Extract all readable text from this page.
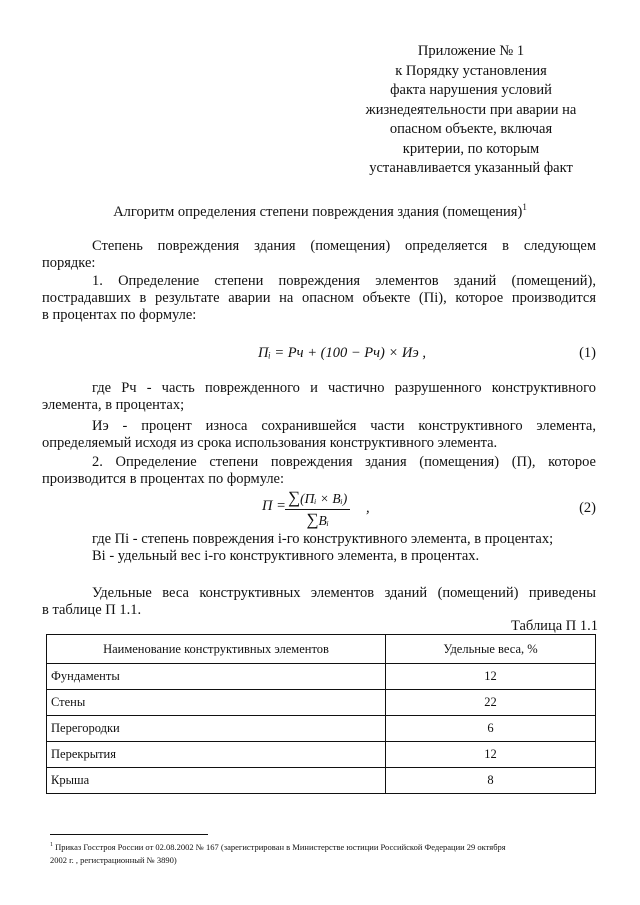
Приложение № 1
к Порядку установления
факта нарушения условий
жизнедеятельности при аварии на
опасном объекте, включая
критерии, по которым
устанавливается указанный факт
Алгоритм определения степени повреждения здания (помещения)$^1$
Степень повреждения здания (помещения) определяется в следующем
порядке:
1. Определение степени повреждения элементов зданий (помещений),
пострадавших в результате аварии на опасном объекте (Пi), которое производится
в процентах по формуле:
Пᵢ = Рч + (100 − Рч) × Иэ ,	(1)
где Рч - часть поврежденного и частично разрушенного конструктивного
элемента, в процентах;
Иэ - процент износа сохранившейся части конструктивного элемента,
определяемый исходя из срока использования конструктивного элемента.
2. Определение степени повреждения здания (помещения) (П), которое
производится в процентах по формуле:
П = ∑(Пᵢ × Вᵢ)
∑Вᵢ
,	(2)
где Пi - степень повреждения i-го конструктивного элемента, в процентах;
Вi - удельный вес i-го конструктивного элемента, в процентах.
Удельные веса конструктивных элементов зданий (помещений) приведены
в таблице П 1.1.
Таблица П 1.1
Наименование конструктивных элементов	Удельные веса, %
Фундаменты	12
Стены	22
Перегородки	6
Перекрытия	12
Крыша	8
$^1$ Приказ Госстроя России от 02.08.2002 № 167 (зарегистрирован в Министерстве юстиции Российской Федерации 29 октября
2002 г. , регистрационный № 3890)
